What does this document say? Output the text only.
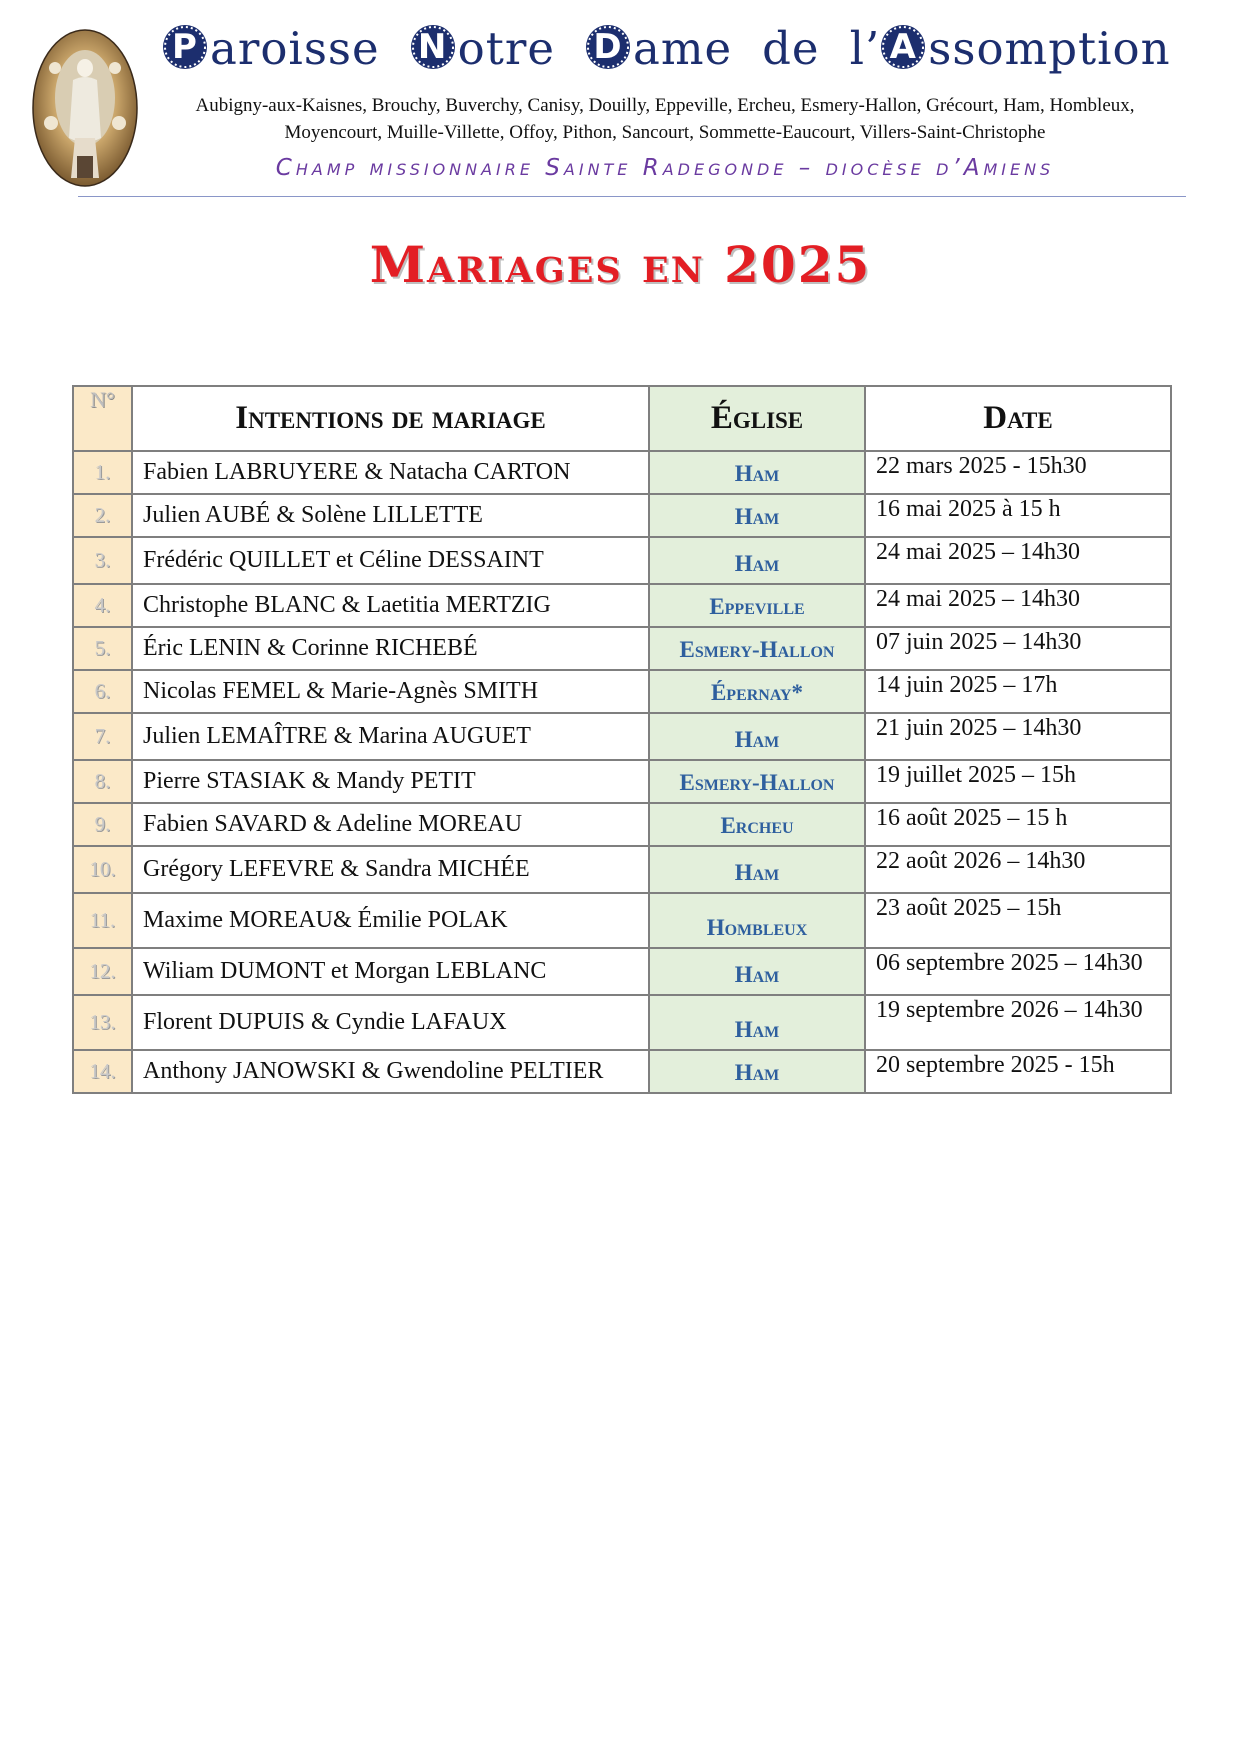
P aroisse N otre D ame de l’ A ssomption
Aubigny-aux-Kaisnes, Brouchy, Buverchy, Canisy, Douilly, Eppeville, Ercheu, Esmery-Hallon, Grécourt, Ham, Hombleux,
Moyencourt, Muille-Villette, Offoy, Pithon, Sancourt, Sommette-Eaucourt, Villers-Saint-Christophe
Champ missionnaire Sainte Radegonde – diocèse d’Amiens
Mariages en 2025
N°	Intentions de mariage	Église	Date
1.	Fabien LABRUYERE & Natacha CARTON	Ham	22 mars 2025 - 15h30
2.	Julien AUBÉ & Solène LILLETTE	Ham	16 mai 2025 à 15 h
3.	Frédéric QUILLET et Céline DESSAINT	Ham	24 mai 2025 – 14h30
4.	Christophe BLANC & Laetitia MERTZIG	Eppeville	24 mai 2025 – 14h30
5.	Éric LENIN & Corinne RICHEBÉ	Esmery-Hallon	07 juin 2025 – 14h30
6.	Nicolas FEMEL & Marie-Agnès SMITH	Épernay*	14 juin 2025 – 17h
7.	Julien LEMAÎTRE & Marina AUGUET	Ham	21 juin 2025 – 14h30
8.	Pierre STASIAK & Mandy PETIT	Esmery-Hallon	19 juillet 2025 – 15h
9.	Fabien SAVARD & Adeline MOREAU	Ercheu	16 août 2025 – 15 h
10.	Grégory LEFEVRE & Sandra MICHÉE	Ham	22 août 2026 – 14h30
11.	Maxime MOREAU& Émilie POLAK	Hombleux	23 août 2025 – 15h
12.	Wiliam DUMONT et Morgan LEBLANC	Ham	06 septembre 2025 – 14h30
13.	Florent DUPUIS & Cyndie LAFAUX	Ham	19 septembre 2026 – 14h30
14.	Anthony JANOWSKI & Gwendoline PELTIER	Ham	20 septembre 2025 - 15h
